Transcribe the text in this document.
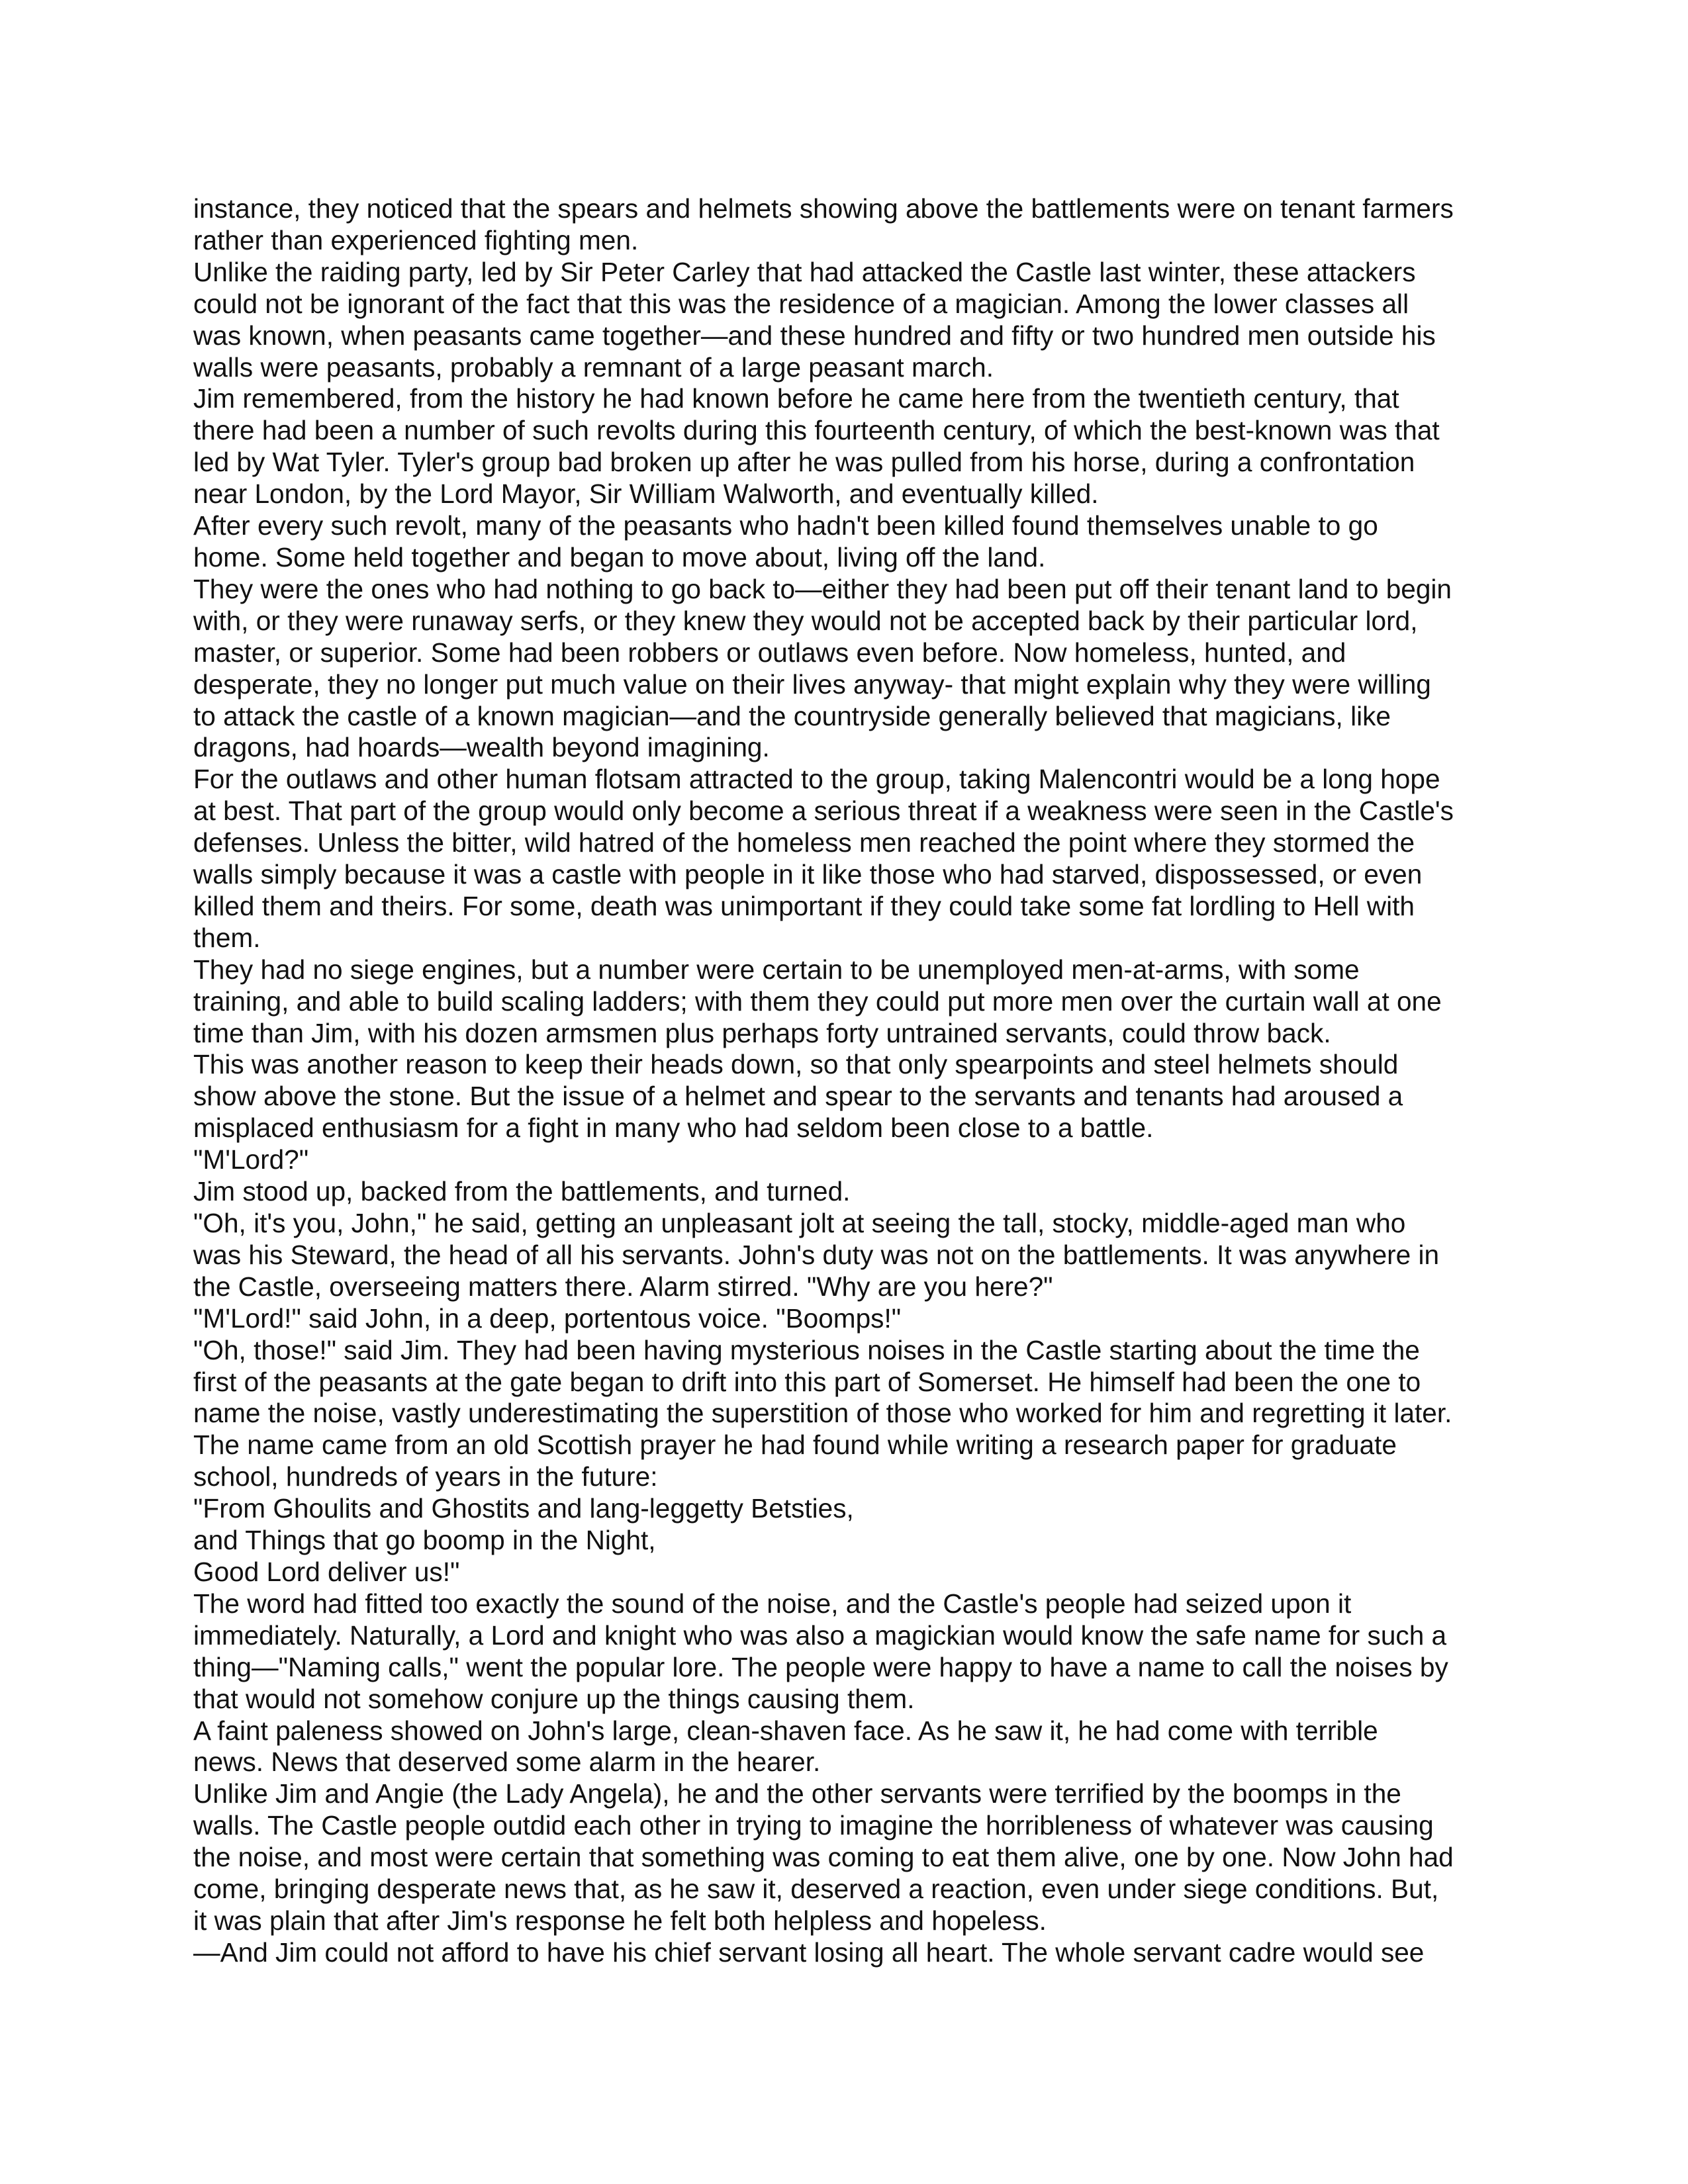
instance, they noticed that the spears and helmets showing above the battlements were on tenant farmers
rather than experienced fighting men.

Unlike the raiding party, led by Sir Peter Carley that had attacked the Castle last winter, these attackers
could not be ignorant of the fact that this was the residence of a magician. Among the lower classes all
was known, when peasants came together—and these hundred and fifty or two hundred men outside his
walls were peasants, probably a remnant of a large peasant march.

Jim remembered, from the history he had known before he came here from the twentieth century, that
there had been a number of such revolts during this fourteenth century, of which the best-known was that
led by Wat Tyler. Tyler's group bad broken up after he was pulled from his horse, during a confrontation
near London, by the Lord Mayor, Sir William Walworth, and eventually killed.

After every such revolt, many of the peasants who hadn't been killed found themselves unable to go
home. Some held together and began to move about, living off the land.

They were the ones who had nothing to go back to—either they had been put off their tenant land to begin
with, or they were runaway serfs, or they knew they would not be accepted back by their particular lord,
master, or superior. Some had been robbers or outlaws even before. Now homeless, hunted, and
desperate, they no longer put much value on their lives anyway- that might explain why they were willing
to attack the castle of a known magician—and the countryside generally believed that magicians, like
dragons, had hoards—wealth beyond imagining.

For the outlaws and other human flotsam attracted to the group, taking Malencontri would be a long hope
at best. That part of the group would only become a serious threat if a weakness were seen in the Castle's
defenses. Unless the bitter, wild hatred of the homeless men reached the point where they stormed the
walls simply because it was a castle with people in it like those who had starved, dispossessed, or even
killed them and theirs. For some, death was unimportant if they could take some fat lordling to Hell with
them.

They had no siege engines, but a number were certain to be unemployed men-at-arms, with some
training, and able to build scaling ladders; with them they could put more men over the curtain wall at one
time than Jim, with his dozen armsmen plus perhaps forty untrained servants, could throw back.

This was another reason to keep their heads down, so that only spearpoints and steel helmets should
show above the stone. But the issue of a helmet and spear to the servants and tenants had aroused a
misplaced enthusiasm for a fight in many who had seldom been close to a battle.

"M'Lord?"

Jim stood up, backed from the battlements, and turned.

"Oh, it's you, John," he said, getting an unpleasant jolt at seeing the tall, stocky, middle-aged man who
was his Steward, the head of all his servants. John's duty was not on the battlements. It was anywhere in
the Castle, overseeing matters there. Alarm stirred. "Why are you here?"

"M'Lord!" said John, in a deep, portentous voice. "Boomps!"

"Oh, those!" said Jim. They had been having mysterious noises in the Castle starting about the time the
first of the peasants at the gate began to drift into this part of Somerset. He himself had been the one to
name the noise, vastly underestimating the superstition of those who worked for him and regretting it later.
The name came from an old Scottish prayer he had found while writing a research paper for graduate
school, hundreds of years in the future:

"From Ghoulits and Ghostits and lang-leggetty Betsties,

and Things that go boomp in the Night,

Good Lord deliver us!"

The word had fitted too exactly the sound of the noise, and the Castle's people had seized upon it
immediately. Naturally, a Lord and knight who was also a magickian would know the safe name for such a
thing—"Naming calls," went the popular lore. The people were happy to have a name to call the noises by
that would not somehow conjure up the things causing them.

A faint paleness showed on John's large, clean-shaven face. As he saw it, he had come with terrible
news. News that deserved some alarm in the hearer.

Unlike Jim and Angie (the Lady Angela), he and the other servants were terrified by the boomps in the
walls. The Castle people outdid each other in trying to imagine the horribleness of whatever was causing
the noise, and most were certain that something was coming to eat them alive, one by one. Now John had
come, bringing desperate news that, as he saw it, deserved a reaction, even under siege conditions. But,
it was plain that after Jim's response he felt both helpless and hopeless.

—And Jim could not afford to have his chief servant losing all heart. The whole servant cadre would see
